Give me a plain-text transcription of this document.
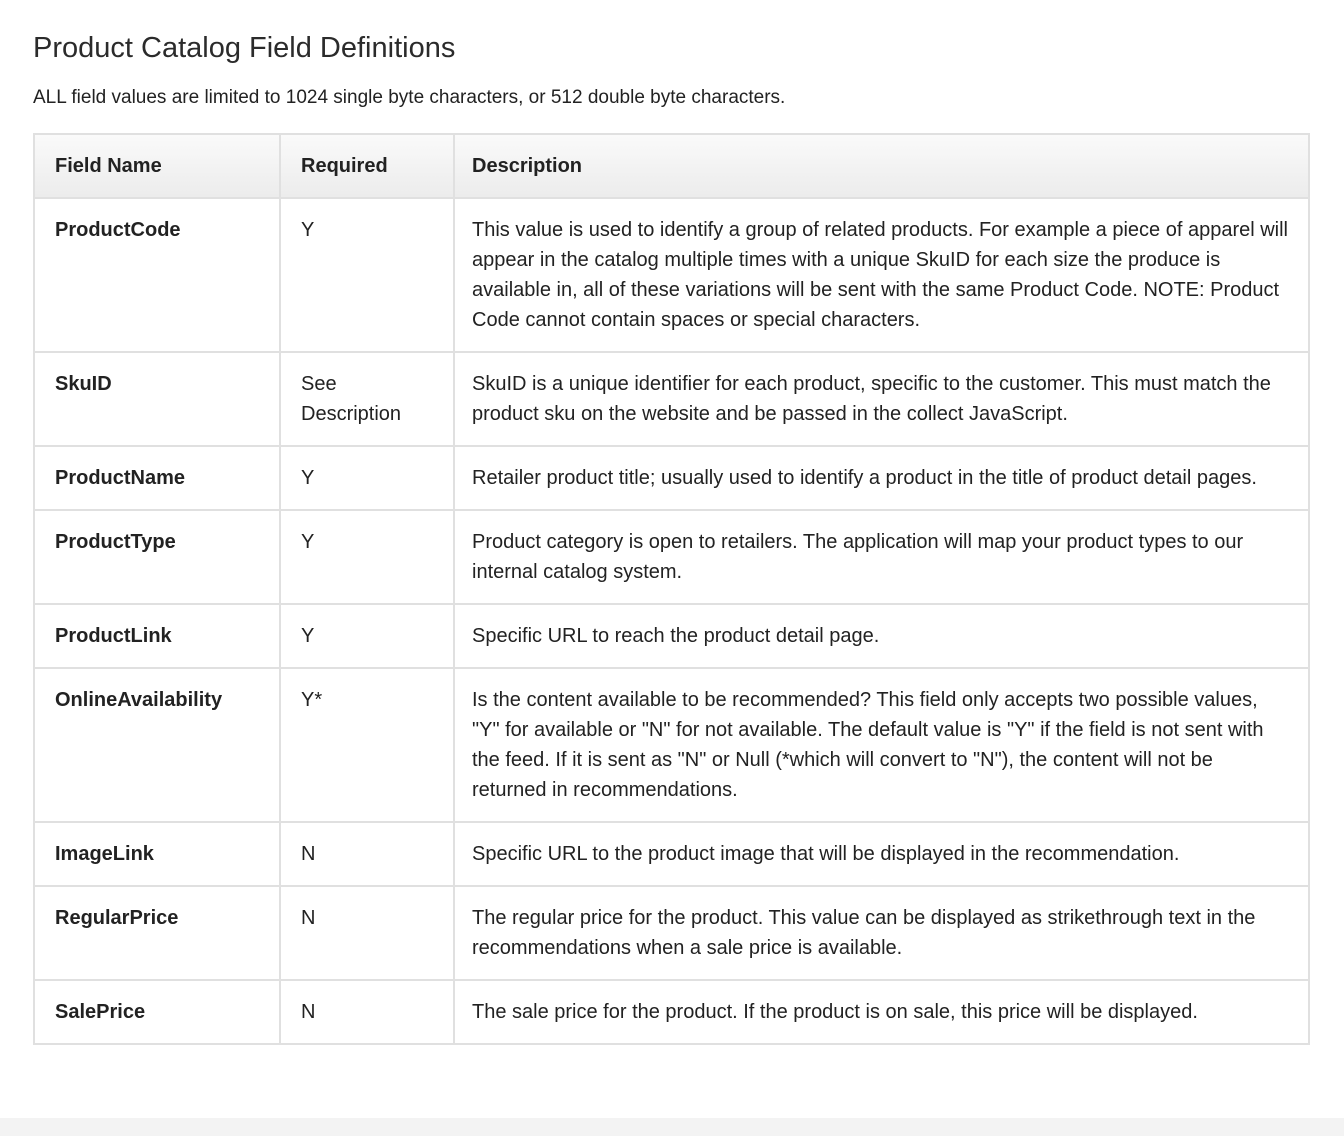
Product Catalog Field Definitions

ALL field values are limited to 1024 single byte characters, or 512 double byte characters.

Field Name	Required	Description
ProductCode	Y	This value is used to identify a group of related products. For example a piece of apparel will appear in the catalog multiple times with a unique SkuID for each size the produce is available in, all of these variations will be sent with the same Product Code. NOTE: Product Code cannot contain spaces or special characters.
SkuID	See Description	SkuID is a unique identifier for each product, specific to the customer. This must match the product sku on the website and be passed in the collect JavaScript.
ProductName	Y	Retailer product title; usually used to identify a product in the title of product detail pages.
ProductType	Y	Product category is open to retailers. The application will map your product types to our internal catalog system.
ProductLink	Y	Specific URL to reach the product detail page.
OnlineAvailability	Y*	Is the content available to be recommended? This field only accepts two possible values, "Y" for available or "N" for not available. The default value is "Y" if the field is not sent with the feed. If it is sent as "N" or Null (*which will convert to "N"), the content will not be returned in recommendations.
ImageLink	N	Specific URL to the product image that will be displayed in the recommendation.
RegularPrice	N	The regular price for the product. This value can be displayed as strikethrough text in the recommendations when a sale price is available.
SalePrice	N	The sale price for the product. If the product is on sale, this price will be displayed.
